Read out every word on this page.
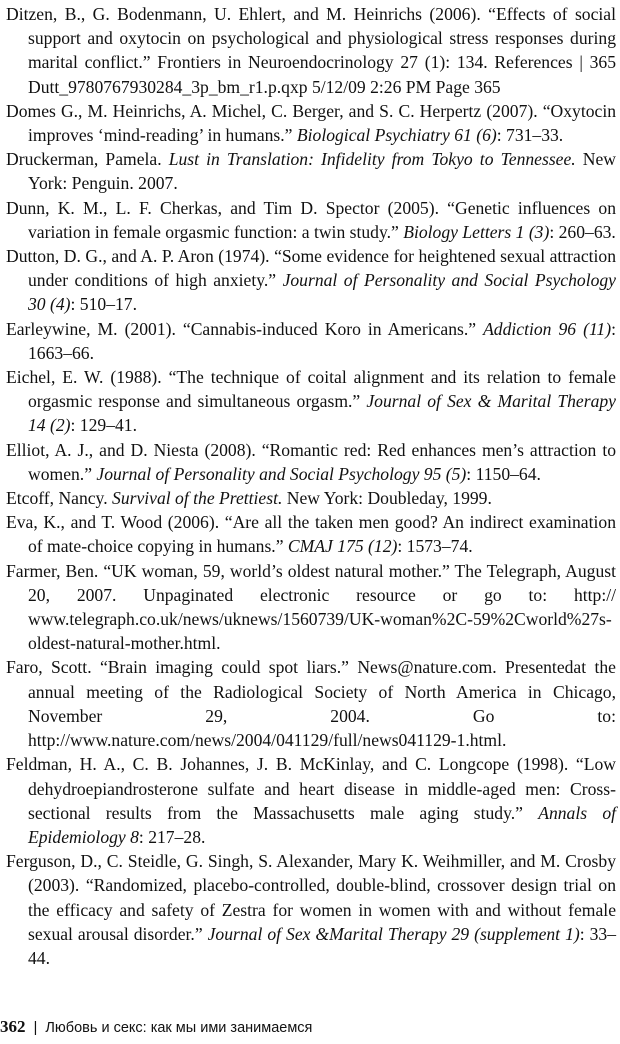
Ditzen, B., G. Bodenmann, U. Ehlert, and M. Heinrichs (2006). “Effects of social support and oxytocin on psychological and physiological stress responses during marital conflict.” Frontiers in Neuroendocrinology 27 (1): 134. References | 365 Dutt_9780767930284_3p_bm_r1.p.qxp 5/12/09 2:26 PM Page 365

Domes G., M. Heinrichs, A. Michel, C. Berger, and S. C. Herpertz (2007). “Oxytocin improves ‘mind-reading’ in humans.” Biological Psychiatry 61 (6): 731–33.

Druckerman, Pamela. Lust in Translation: Infidelity from Tokyo to Tennessee. New York: Penguin. 2007.

Dunn, K. M., L. F. Cherkas, and Tim D. Spector (2005). “Genetic influences on variation in female orgasmic function: a twin study.” Biology Letters 1 (3): 260–63.

Dutton, D. G., and A. P. Aron (1974). “Some evidence for heightened sexual attraction under conditions of high anxiety.” Journal of Personality and Social Psychology 30 (4): 510–17.

Earleywine, M. (2001). “Cannabis-induced Koro in Americans.” Addiction 96 (11): 1663–66.

Eichel, E. W. (1988). “The technique of coital alignment and its relation to female orgasmic response and simultaneous orgasm.” Journal of Sex & Marital Therapy 14 (2): 129–41.

Elliot, A. J., and D. Niesta (2008). “Romantic red: Red enhances men’s attraction to women.” Journal of Personality and Social Psychology 95 (5): 1150–64.

Etcoff, Nancy. Survival of the Prettiest. New York: Doubleday, 1999.

Eva, K., and T. Wood (2006). “Are all the taken men good? An indirect examination of mate-choice copying in humans.” CMAJ 175 (12): 1573–74.

Farmer, Ben. “UK woman, 59, world’s oldest natural mother.” The Telegraph, August 20, 2007. Unpaginated electronic resource or go to: http:// www.telegraph.co.uk/news/uknews/1560739/UK-woman%2C-59%2Cworld%27s-oldest-natural-mother.html.

Faro, Scott. “Brain imaging could spot liars.” News@nature.com. Presentedat the annual meeting of the Radiological Society of North America in Chicago, November 29, 2004. Go to: http://www.nature.com/news/2004/041129/full/news041129-1.html.

Feldman, H. A., C. B. Johannes, J. B. McKinlay, and C. Longcope (1998). “Low dehydroepiandrosterone sulfate and heart disease in middle-aged men: Cross-sectional results from the Massachusetts male aging study.” Annals of Epidemiology 8: 217–28.

Ferguson, D., C. Steidle, G. Singh, S. Alexander, Mary K. Weihmiller, and M. Crosby (2003). “Randomized, placebo-controlled, double-blind, crossover design trial on the efficacy and safety of Zestra for women in women with and without female sexual arousal disorder.” Journal of Sex &Marital Therapy 29 (supplement 1): 33–44.

362 | Любовь и секс: как мы ими занимаемся
